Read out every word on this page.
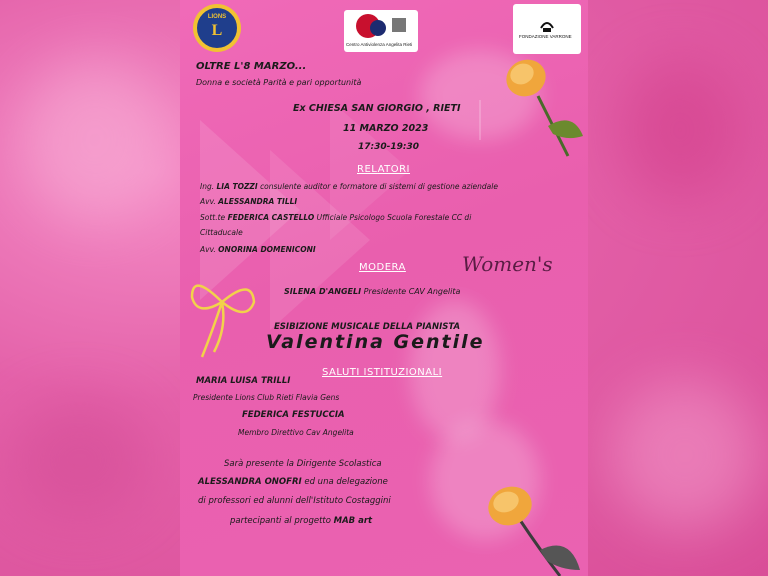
LIONS
L
Centro Antiviolenza Angelita Rieti
FONDAZIONE VARRONE
OLTRE L'8 MARZO...
Donna e società Parità e pari opportunità
Ex CHIESA SAN GIORGIO , RIETI
11 MARZO 2023
17:30-19:30
RELATORI
Ing. LIA TOZZI consulente auditor e formatore di sistemi di gestione aziendale
Avv. ALESSANDRA TILLI
Sott.te FEDERICA CASTELLO Ufficiale Psicologo Scuola Forestale CC di
Cittaducale
Avv. ONORINA DOMENICONI
MODERA	Women's
SILENA D'ANGELI Presidente CAV Angelita
ESIBIZIONE MUSICALE DELLA PIANISTA
Valentina Gentile
SALUTI ISTITUZIONALI
MARIA LUISA TRILLI
Presidente Lions Club Rieti Flavia Gens
FEDERICA FESTUCCIA
Membro Direttivo Cav Angelita
Sarà presente la Dirigente Scolastica
ALESSANDRA ONOFRI ed una delegazione
di professori ed alunni dell'Istituto Costaggini
partecipanti al progetto MAB art
